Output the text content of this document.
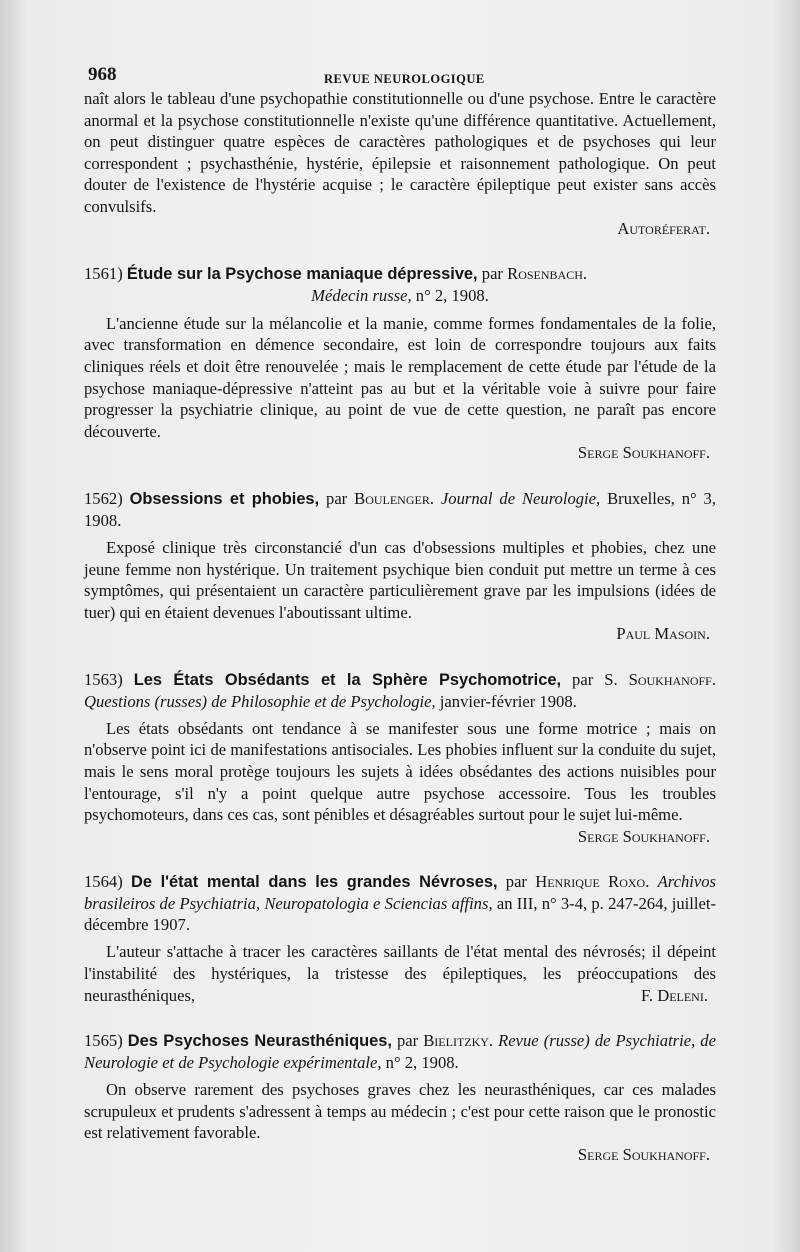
968	REVUE NEUROLOGIQUE

naît alors le tableau d'une psychopathie constitutionnelle ou d'une psychose. Entre le caractère anormal et la psychose constitutionnelle n'existe qu'une différence quantitative. Actuellement, on peut distinguer quatre espèces de caractères pathologiques et de psychoses qui leur correspondent ; psychasthénie, hystérie, épilepsie et raisonnement pathologique. On peut douter de l'existence de l'hystérie acquise ; le caractère épileptique peut exister sans accès convulsifs.

Autoréferat.

1561) Étude sur la Psychose maniaque dépressive, par Rosenbach.

Médecin russe, n° 2, 1908.

L'ancienne étude sur la mélancolie et la manie, comme formes fondamentales de la folie, avec transformation en démence secondaire, est loin de correspondre toujours aux faits cliniques réels et doit être renouvelée ; mais le remplacement de cette étude par l'étude de la psychose maniaque-dépressive n'atteint pas au but et la véritable voie à suivre pour faire progresser la psychiatrie clinique, au point de vue de cette question, ne paraît pas encore découverte.

Serge Soukhanoff.

1562) Obsessions et phobies, par Boulenger. Journal de Neurologie, Bruxelles, n° 3, 1908.

Exposé clinique très circonstancié d'un cas d'obsessions multiples et phobies, chez une jeune femme non hystérique. Un traitement psychique bien conduit put mettre un terme à ces symptômes, qui présentaient un caractère particulièrement grave par les impulsions (idées de tuer) qui en étaient devenues l'aboutissant ultime.

Paul Masoin.

1563) Les États Obsédants et la Sphère Psychomotrice, par S. Soukhanoff. Questions (russes) de Philosophie et de Psychologie, janvier-février 1908.

Les états obsédants ont tendance à se manifester sous une forme motrice ; mais on n'observe point ici de manifestations antisociales. Les phobies influent sur la conduite du sujet, mais le sens moral protège toujours les sujets à idées obsédantes des actions nuisibles pour l'entourage, s'il n'y a point quelque autre psychose accessoire. Tous les troubles psychomoteurs, dans ces cas, sont pénibles et désagréables surtout pour le sujet lui-même.

Serge Soukhanoff.

1564) De l'état mental dans les grandes Névroses, par Henrique Roxo. Archivos brasileiros de Psychiatria, Neuropatologia e Sciencias affins, an III, n° 3-4, p. 247-264, juillet-décembre 1907.

L'auteur s'attache à tracer les caractères saillants de l'état mental des névrosés; il dépeint l'instabilité des hystériques, la tristesse des épileptiques, les préoccupations des neurasthéniques,	F. Deleni.

1565) Des Psychoses Neurasthéniques, par Bielitzky. Revue (russe) de Psychiatrie, de Neurologie et de Psychologie expérimentale, n° 2, 1908.

On observe rarement des psychoses graves chez les neurasthéniques, car ces malades scrupuleux et prudents s'adressent à temps au médecin ; c'est pour cette raison que le pronostic est relativement favorable.

Serge Soukhanoff.
